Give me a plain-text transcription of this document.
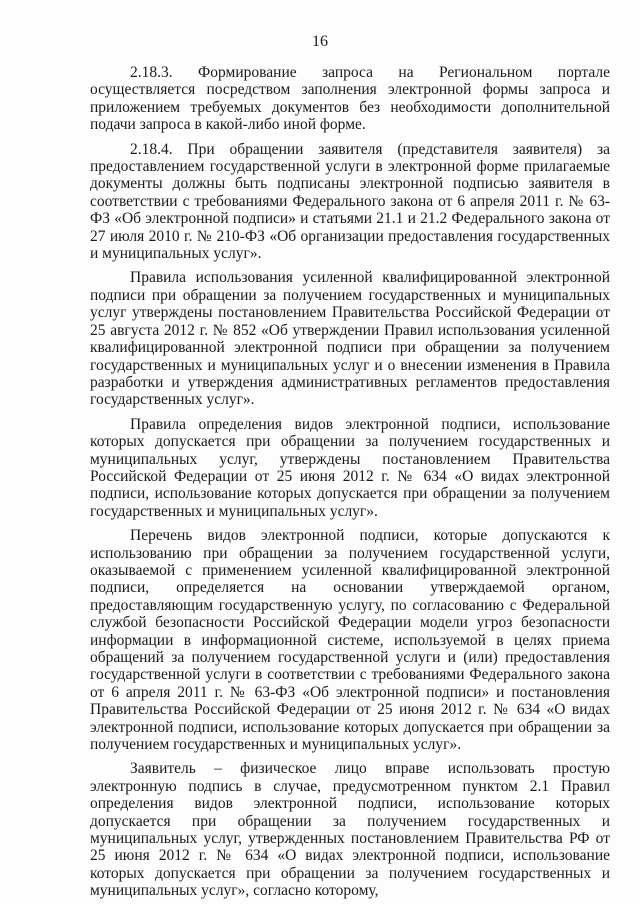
16

2.18.3. Формирование запроса на Региональном портале осуществляется посредством заполнения электронной формы запроса и приложением требуемых документов без необходимости дополнительной подачи запроса в какой-либо иной форме.

2.18.4. При обращении заявителя (представителя заявителя) за предоставлением государственной услуги в электронной форме прилагаемые документы должны быть подписаны электронной подписью заявителя в соответствии с требованиями Федерального закона от 6 апреля 2011 г. № 63-ФЗ «Об электронной подписи» и статьями 21.1 и 21.2 Федерального закона от 27 июля 2010 г. № 210-ФЗ «Об организации предоставления государственных и муниципальных услуг».

Правила использования усиленной квалифицированной электронной подписи при обращении за получением государственных и муниципальных услуг утверждены постановлением Правительства Российской Федерации от 25 августа 2012 г. № 852 «Об утверждении Правил использования усиленной квалифицированной электронной подписи при обращении за получением государственных и муниципальных услуг и о внесении изменения в Правила разработки и утверждения административных регламентов предоставления государственных услуг».

Правила определения видов электронной подписи, использование которых допускается при обращении за получением государственных и муниципальных услуг, утверждены постановлением Правительства Российской Федерации от 25 июня 2012 г. № 634 «О видах электронной подписи, использование которых допускается при обращении за получением государственных и муниципальных услуг».

Перечень видов электронной подписи, которые допускаются к использованию при обращении за получением государственной услуги, оказываемой с применением усиленной квалифицированной электронной подписи, определяется на основании утверждаемой органом, предоставляющим государственную услугу, по согласованию с Федеральной службой безопасности Российской Федерации модели угроз безопасности информации в информационной системе, используемой в целях приема обращений за получением государственной услуги и (или) предоставления государственной услуги в соответствии с требованиями Федерального закона от 6 апреля 2011 г. № 63-ФЗ «Об электронной подписи» и постановления Правительства Российской Федерации от 25 июня 2012 г. № 634 «О видах электронной подписи, использование которых допускается при обращении за получением государственных и муниципальных услуг».

Заявитель – физическое лицо вправе использовать простую электронную подпись в случае, предусмотренном пунктом 2.1 Правил определения видов электронной подписи, использование которых допускается при обращении за получением государственных и муниципальных услуг, утвержденных постановлением Правительства РФ от 25 июня 2012 г. № 634 «О видах электронной подписи, использование которых допускается при обращении за получением государственных и муниципальных услуг», согласно которому,
